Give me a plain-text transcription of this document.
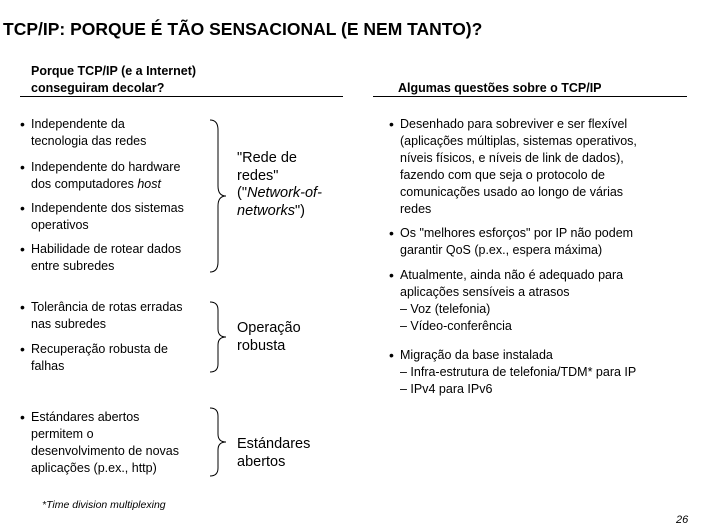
TCP/IP: PORQUE É TÃO SENSACIONAL (E NEM TANTO)?
Porque TCP/IP (e a Internet)
conseguiram decolar?	Algumas questões sobre o TCP/IP
• Independente da
tecnologia das redes
• Independente do hardware
dos computadores host
• Independente dos sistemas
operativos
• Habilidade de rotear dados
entre subredes
• Tolerância de rotas erradas
nas subredes
• Recuperação robusta de
falhas
• Estándares abertos
permitem o
desenvolvimento de novas
aplicações (p.ex., http)
"Rede de
redes"
("Network-of-
networks")
Operação
robusta
Estándares
abertos
• Desenhado para sobreviver e ser flexível
(aplicações múltiplas, sistemas operativos,
níveis físicos, e níveis de link de dados),
fazendo com que seja o protocolo de
comunicações usado ao longo de várias
redes
• Os "melhores esforços" por IP não podem
garantir QoS (p.ex., espera máxima)
• Atualmente, ainda não é adequado para
aplicações sensíveis a atrasos
– Voz (telefonia)
– Vídeo-conferência
• Migração da base instalada
– Infra-estrutura de telefonia/TDM* para IP
– IPv4 para IPv6
*Time division multiplexing
26
